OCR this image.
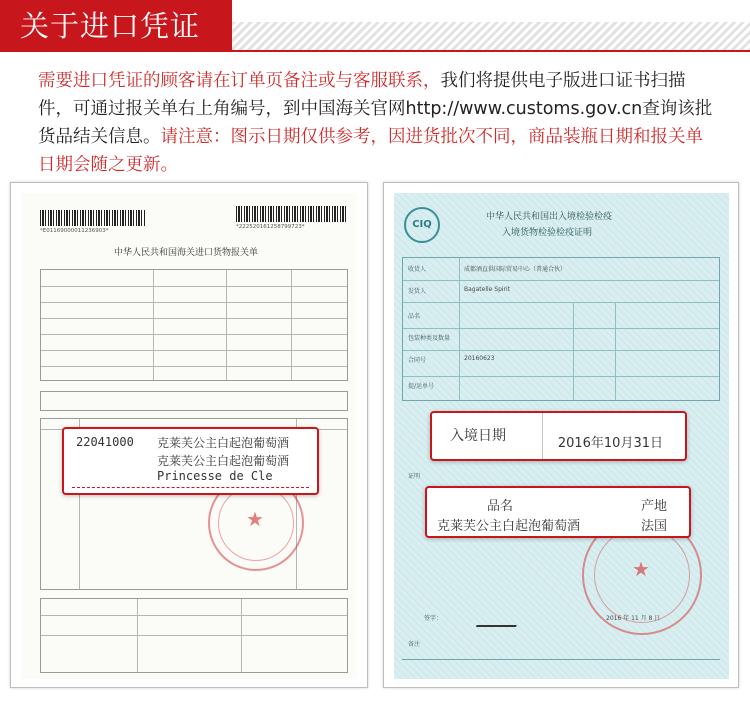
关于进口凭证
需要进口凭证的顾客请在订单页备注或与客服联系，我们将提供电子版进口证书扫描件，可通过报关单右上角编号，到中国海关官网http://www.customs.gov.cn查询该批货品结关信息。请注意：图示日期仅供参考，因进货批次不同，商品装瓶日期和报关单日期会随之更新。
*E01169000011236903*
*222520161258799723*
中华人民共和国海关进口货物报关单
★
22041000 克莱芙公主白起泡葡萄酒
克莱芙公主白起泡葡萄酒
Princesse de Cle
CIQ
中华人民共和国出入境检验检疫
入境货物检验检疫证明
收货人	成都酒直供国际贸易中心（普通合伙）
发货人	Bagatelle Spirit
品名
包装种类及数量
合同号	20160623
提/运单号
证明
★
签字：	2016 年 11 月 8 日
备注
入境日期	2016年10月31日
品名	产地
克莱芙公主白起泡葡萄酒	法国
